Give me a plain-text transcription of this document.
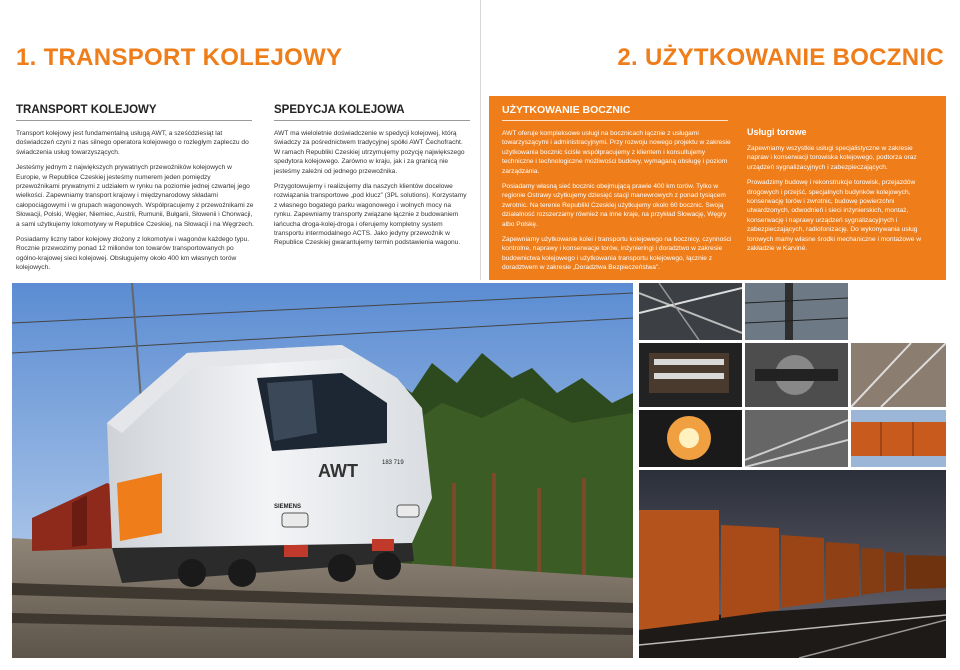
1. TRANSPORT KOLEJOWY
TRANSPORT KOLEJOWY

Transport kolejowy jest fundamentalną usługą AWT, a sześćdziesiąt lat doświadczeń czyni z nas silnego operatora kolejowego o rozległym zapleczu do świadczenia usług towarzyszących.

Jesteśmy jednym z największych prywatnych przewoźników kolejowych w Europie, w Republice Czeskiej jesteśmy numerem jeden pomiędzy przewoźnikami prywatnymi z udziałem w rynku na poziomie jednej czwartej jego wielkości. Zapewniamy transport krajowy i międzynarodowy składami całopociągowymi i w grupach wagonowych. Współpracujemy z przewoźnikami ze Słowacji, Polski, Węgier, Niemiec, Austrii, Rumunii, Bułgarii, Słowenii i Chorwacji, a sami użytkujemy lokomotywy w Republice Czeskiej, na Słowacji i na Węgrzech.

Posiadamy liczny tabor kolejowy złożony z lokomotyw i wagonów każdego typu. Rocznie przewozimy ponad 12 milionów ton towarów transportowanych po ogólno-krajowej sieci kolejowej. Obsługujemy około 400 km własnych torów kolejowych.

SPEDYCJA KOLEJOWA

AWT ma wieloletnie doświadczenie w spedycji kolejowej, którą świadczy za pośrednictwem tradycyjnej spółki AWT Čechofracht. W ramach Republiki Czeskiej utrzymujemy pozycję największego spedytora kolejowego. Zarówno w kraju, jak i za granicą nie jesteśmy zależni od jednego przewoźnika.

Przygotowujemy i realizujemy dla naszych klientów docelowe rozwiązania transportowe „pod klucz” (3PL solutions). Korzystamy z własnego bogatego parku wagonowego i wolnych mocy na rynku. Zapewniamy transporty związane łącznie z budowaniem łańcucha droga-kolej-droga i oferujemy kompletny system transportu intermodalnego ACTS. Jako jedyny przewoźnik w Republice Czeskiej gwarantujemy termin podstawienia wagonu.

2. UŻYTKOWANIE BOCZNIC
UŻYTKOWANIE BOCZNIC

AWT oferuje kompleksowe usługi na bocznicach łącznie z usługami towarzyszącymi i administracyjnymi. Przy rozwoju nowego projektu w zakresie użytkowania bocznic ściśle współpracujemy z klientem i konsultujemy techniczne i technologiczne możliwości budowy, wymaganą obsługę i poziom zarządzania.

Posiadamy własną sieć bocznic obejmującą prawie 400 km torów. Tylko w regionie Ostrawy użytkujemy dziesięć stacji manewrowych z ponad tysiącem zwrotnic. Na terenie Republiki Czeskiej użytkujemy około 60 bocznic. Swoją działalność rozszerzamy również na inne kraje, na przykład Słowację, Węgry albo Polskę.

Zapewniamy użytkowanie kolei i transportu kolejowego na bocznicy, czynności kontrolne, naprawy i konserwacje torów, inżynieringi i doradztwo w zakresie budownictwa kolejowego i użytkowania transportu kolejowego, łącznie z doradztwem w zakresie „Doradztwa Bezpieczeństwa”.

Usługi torowe

Zapewniamy wszystkie usługi specjalistyczne w zakresie napraw i konserwacji torowiska kolejowego, podtorza oraz urządzeń sygnalizacyjnych i zabezpieczających.

Prowadzimy budowę i rekonstrukcje torowisk, przejazdów drogowych i przejść, specjalnych budynków kolejowych, konserwację torów i zwrotnic, budowę powierzchni utwardzonych, odwodnień i sieci inżynierskich, montaż, konserwację i naprawy urządzeń sygnalizacyjnych i zabezpieczających, radiofonizację. Do wykonywania usług torowych mamy własne środki mechaniczne i montażowe w zakładzie w Karviné.

AWT	183 719
SIEMENS
